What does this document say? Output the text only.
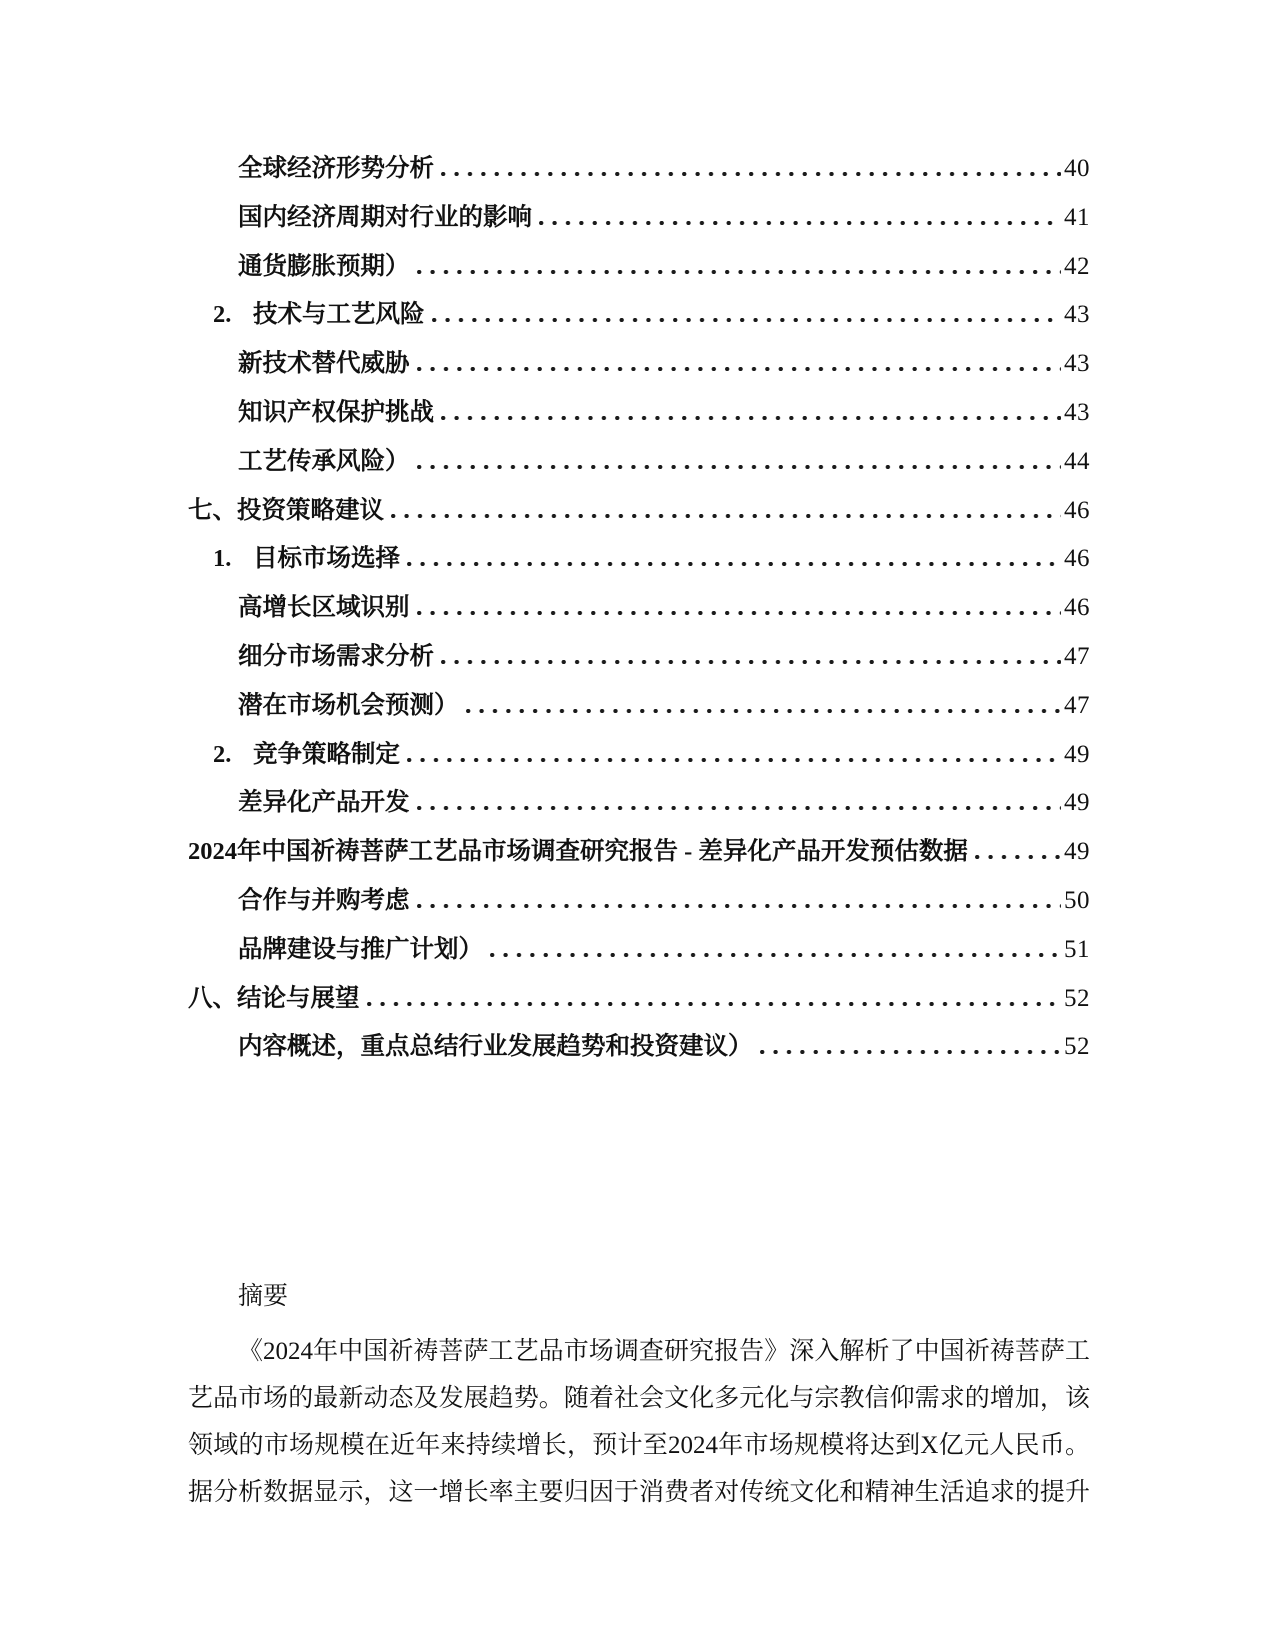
全球经济形势分析	40
国内经济周期对行业的影响	41
通货膨胀预期）	42
2. 技术与工艺风险	43
新技术替代威胁	43
知识产权保护挑战	43
工艺传承风险）	44
七、投资策略建议	46
1. 目标市场选择	46
高增长区域识别	46
细分市场需求分析	47
潜在市场机会预测）	47
2. 竞争策略制定	49
差异化产品开发	49
2024年中国祈祷菩萨工艺品市场调查研究报告 - 差异化产品开发预估数据	49
合作与并购考虑	50
品牌建设与推广计划）	51
八、结论与展望	52
内容概述，重点总结行业发展趋势和投资建议）	52

摘要

《2024年中国祈祷菩萨工艺品市场调查研究报告》深入解析了中国祈祷菩萨工艺品市场的最新动态及发展趋势。随着社会文化多元化与宗教信仰需求的增加，该领域的市场规模在近年来持续增长，预计至2024年市场规模将达到X亿元人民币。据分析数据显示，这一增长率主要归因于消费者对传统文化和精神生活追求的提升
